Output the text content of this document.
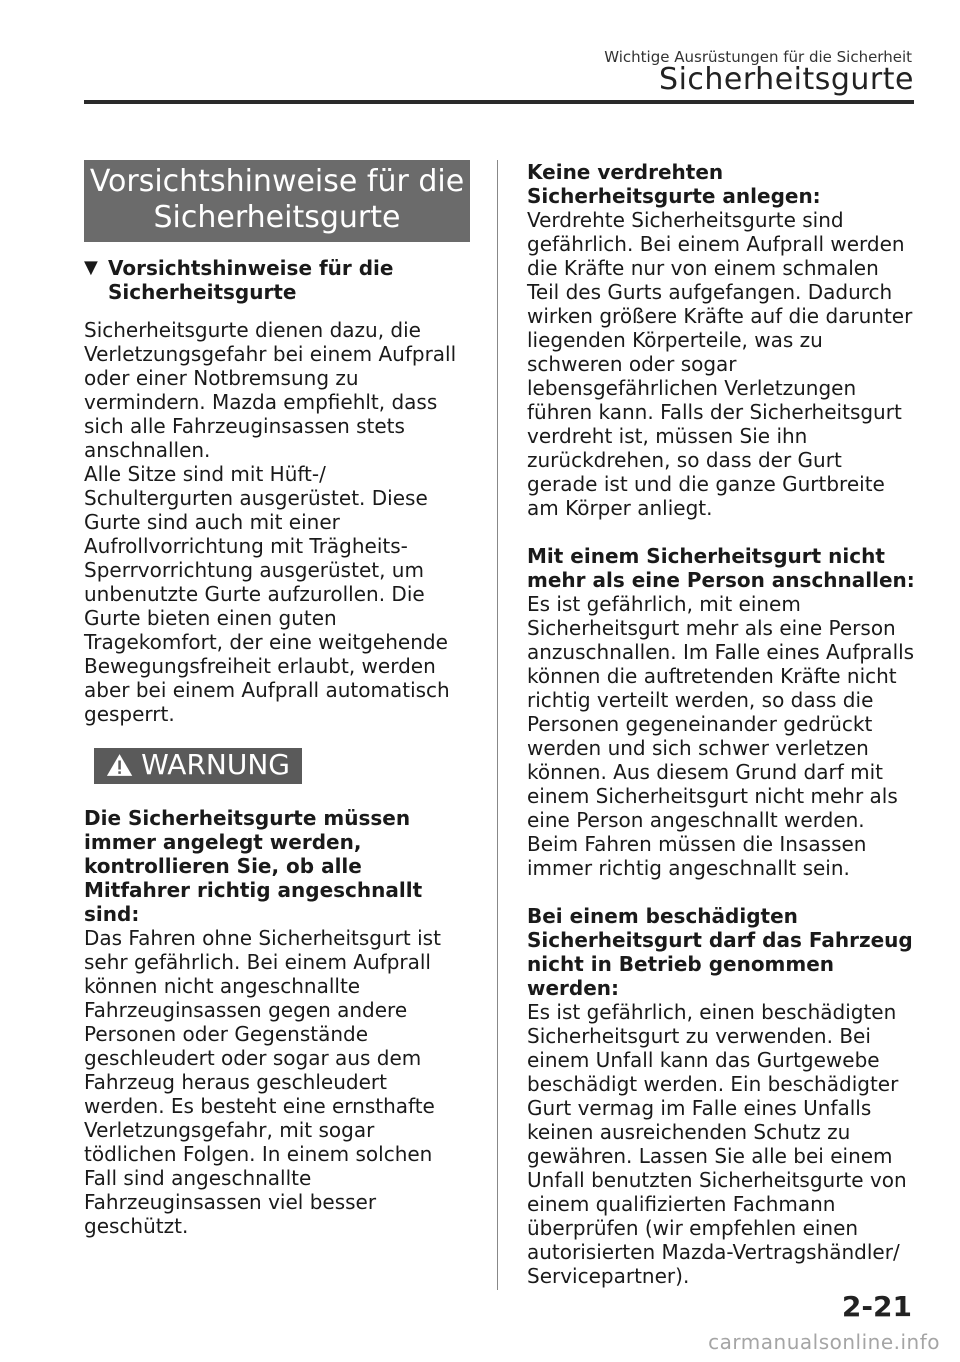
Wichtige Ausrüstungen für die Sicherheit
Sicherheitsgurte
Vorsichtshinweise für die
Sicherheitsgurte
▼ Vorsichtshinweise für die
Sicherheitsgurte

Sicherheitsgurte dienen dazu, die Verletzungsgefahr bei einem Aufprall oder einer Notbremsung zu vermindern. Mazda empfiehlt, dass sich alle Fahrzeuginsassen stets anschnallen.

Alle Sitze sind mit Hüft-/ Schultergurten ausgerüstet. Diese Gurte sind auch mit einer Aufrollvorrichtung mit Trägheits-Sperrvorrichtung ausgerüstet, um unbenutzte Gurte aufzurollen. Die Gurte bieten einen guten Tragekomfort, der eine weitgehende Bewegungsfreiheit erlaubt, werden aber bei einem Aufprall automatisch gesperrt.

WARNUNG

Die Sicherheitsgurte müssen immer angelegt werden, kontrollieren Sie, ob alle Mitfahrer richtig angeschnallt sind:

Das Fahren ohne Sicherheitsgurt ist sehr gefährlich. Bei einem Aufprall können nicht angeschnallte Fahrzeuginsassen gegen andere Personen oder Gegenstände geschleudert oder sogar aus dem Fahrzeug heraus geschleudert werden. Es besteht eine ernsthafte Verletzungsgefahr, mit sogar tödlichen Folgen. In einem solchen Fall sind angeschnallte Fahrzeuginsassen viel besser geschützt.

Keine verdrehten Sicherheitsgurte anlegen:

Verdrehte Sicherheitsgurte sind gefährlich. Bei einem Aufprall werden die Kräfte nur von einem schmalen Teil des Gurts aufgefangen. Dadurch wirken größere Kräfte auf die darunter liegenden Körperteile, was zu schweren oder sogar lebensgefährlichen Verletzungen führen kann. Falls der Sicherheitsgurt verdreht ist, müssen Sie ihn zurückdrehen, so dass der Gurt gerade ist und die ganze Gurtbreite am Körper anliegt.

Mit einem Sicherheitsgurt nicht mehr als eine Person anschnallen:

Es ist gefährlich, mit einem Sicherheitsgurt mehr als eine Person anzuschnallen. Im Falle eines Aufpralls können die auftretenden Kräfte nicht richtig verteilt werden, so dass die Personen gegeneinander gedrückt werden und sich schwer verletzen können. Aus diesem Grund darf mit einem Sicherheitsgurt nicht mehr als eine Person angeschnallt werden. Beim Fahren müssen die Insassen immer richtig angeschnallt sein.

Bei einem beschädigten Sicherheitsgurt darf das Fahrzeug nicht in Betrieb genommen werden:

Es ist gefährlich, einen beschädigten Sicherheitsgurt zu verwenden. Bei einem Unfall kann das Gurtgewebe beschädigt werden. Ein beschädigter Gurt vermag im Falle eines Unfalls keinen ausreichenden Schutz zu gewähren. Lassen Sie alle bei einem Unfall benutzten Sicherheitsgurte von einem qualifizierten Fachmann überprüfen (wir empfehlen einen autorisierten Mazda-Vertragshändler/ Servicepartner).

2-21
carmanualsonline.info
